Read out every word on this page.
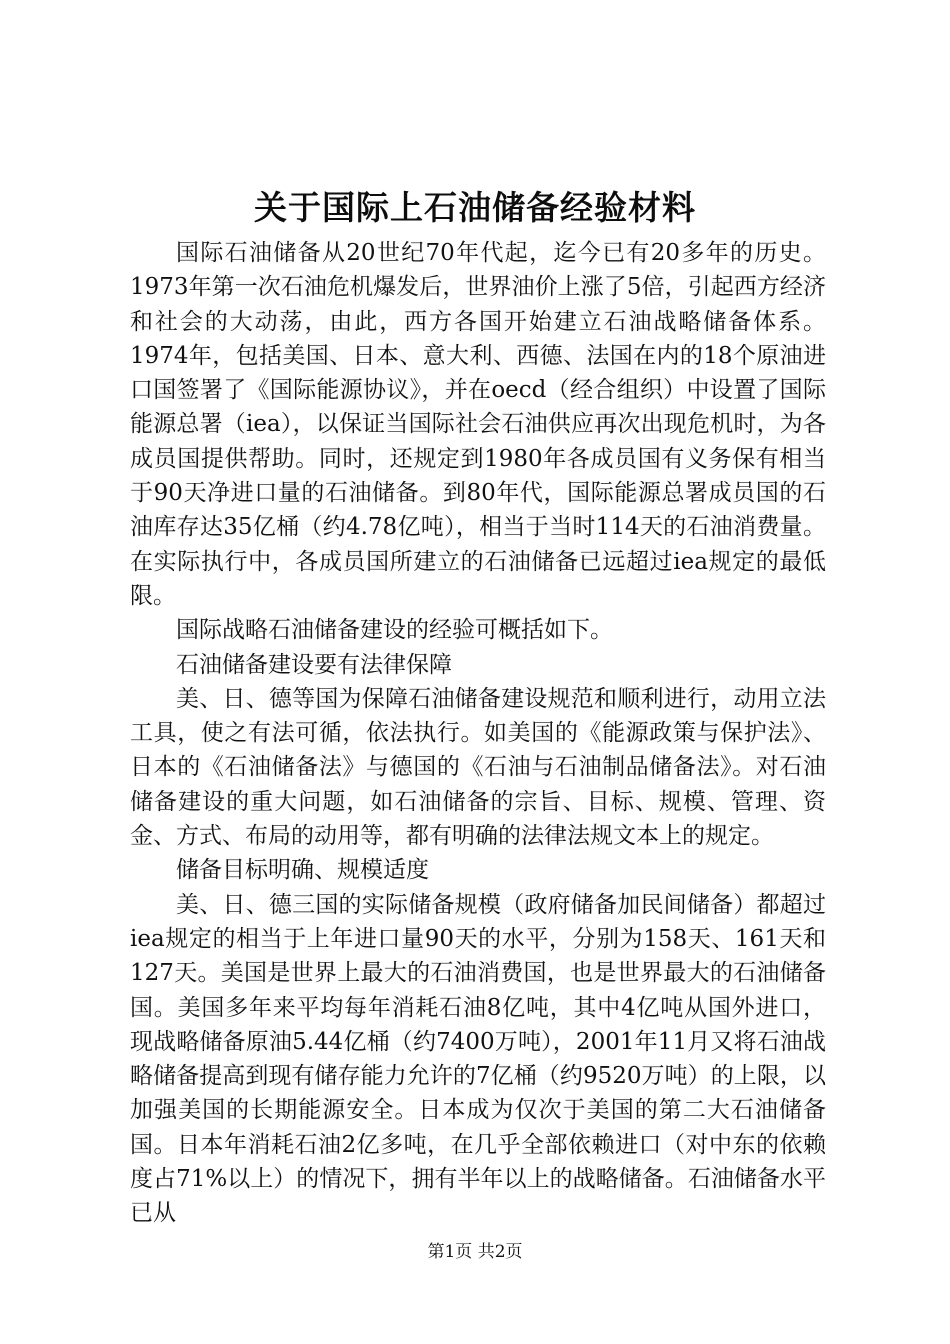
关于国际上石油储备经验材料

国际石油储备从20世纪70年代起，迄今已有20多年的历史。1973年第一次石油危机爆发后，世界油价上涨了5倍，引起西方经济和社会的大动荡，由此，西方各国开始建立石油战略储备体系。1974年，包括美国、日本、意大利、西德、法国在内的18个原油进口国签署了《国际能源协议》，并在oecd（经合组织）中设置了国际能源总署（iea），以保证当国际社会石油供应再次出现危机时，为各成员国提供帮助。同时，还规定到1980年各成员国有义务保有相当于90天净进口量的石油储备。到80年代，国际能源总署成员国的石油库存达35亿桶（约4.78亿吨），相当于当时114天的石油消费量。在实际执行中，各成员国所建立的石油储备已远超过iea规定的最低限。

国际战略石油储备建设的经验可概括如下。

石油储备建设要有法律保障

美、日、德等国为保障石油储备建设规范和顺利进行，动用立法工具，使之有法可循，依法执行。如美国的《能源政策与保护法》、日本的《石油储备法》与德国的《石油与石油制品储备法》。对石油储备建设的重大问题，如石油储备的宗旨、目标、规模、管理、资金、方式、布局的动用等，都有明确的法律法规文本上的规定。

储备目标明确、规模适度

美、日、德三国的实际储备规模（政府储备加民间储备）都超过iea规定的相当于上年进口量90天的水平，分别为158天、161天和127天。美国是世界上最大的石油消费国，也是世界最大的石油储备国。美国多年来平均每年消耗石油8亿吨，其中4亿吨从国外进口，现战略储备原油5.44亿桶（约7400万吨），2001年11月又将石油战略储备提高到现有储存能力允许的7亿桶（约9520万吨）的上限，以加强美国的长期能源安全。日本成为仅次于美国的第二大石油储备国。日本年消耗石油2亿多吨，在几乎全部依赖进口（对中东的依赖度占71%以上）的情况下，拥有半年以上的战略储备。石油储备水平已从

第1页 共2页
